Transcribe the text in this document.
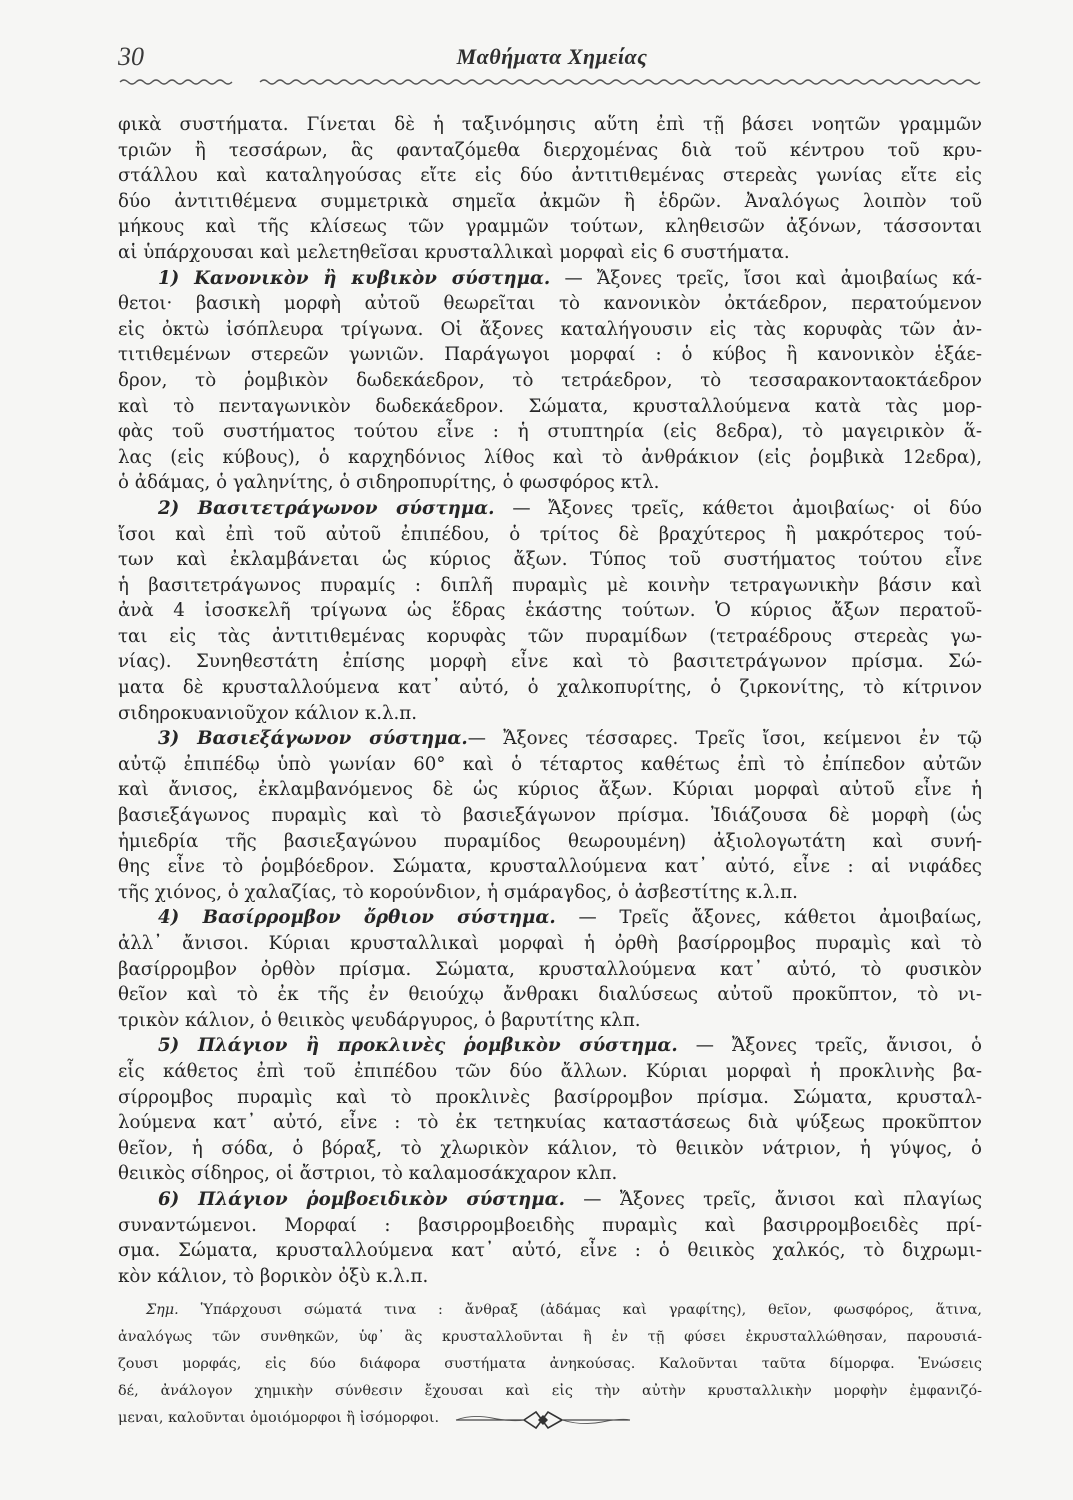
30	Μαθήματα Χημείας
φικὰ συστήματα. Γίνεται δὲ ἡ ταξινόμησις αὕτη ἐπὶ τῇ βάσει νοητῶν γραμμῶν
τριῶν ἢ τεσσάρων, ἃς φανταζόμεθα διερχομένας διὰ τοῦ κέντρου τοῦ κρυ-
στάλλου καὶ καταληγούσας εἴτε εἰς δύο ἀντιτιθεμένας στερεὰς γωνίας εἴτε εἰς
δύο ἀντιτιθέμενα συμμετρικὰ σημεῖα ἀκμῶν ἢ ἑδρῶν. Ἀναλόγως λοιπὸν τοῦ
μήκους καὶ τῆς κλίσεως τῶν γραμμῶν τούτων, κληθεισῶν ἀξόνων, τάσσονται
αἱ ὑπάρχουσαι καὶ μελετηθεῖσαι κρυσταλλικαὶ μορφαὶ εἰς 6 συστήματα.
1) Κανονικὸν ἢ κυβικὸν σύστημα. — Ἄξονες τρεῖς, ἴσοι καὶ ἀμοιβαίως κά-
θετοι· βασικὴ μορφὴ αὐτοῦ θεωρεῖται τὸ κανονικὸν ὀκτάεδρον, περατούμενον
εἰς ὀκτὼ ἰσόπλευρα τρίγωνα. Οἱ ἄξονες καταλήγουσιν εἰς τὰς κορυφὰς τῶν ἀν-
τιτιθεμένων στερεῶν γωνιῶν. Παράγωγοι μορφαί : ὁ κύβος ἢ κανονικὸν ἑξάε-
δρον, τὸ ῥομβικὸν δωδεκάεδρον, τὸ τετράεδρον, τὸ τεσσαρακονταοκτάεδρον
καὶ τὸ πενταγωνικὸν δωδεκάεδρον. Σώματα, κρυσταλλούμενα κατὰ τὰς μορ-
φὰς τοῦ συστήματος τούτου εἶνε : ἡ στυπτηρία (εἰς 8εδρα), τὸ μαγειρικὸν ἅ-
λας (εἰς κύβους), ὁ καρχηδόνιος λίθος καὶ τὸ ἀνθράκιον (εἰς ῥομβικὰ 12εδρα),
ὁ ἀδάμας, ὁ γαληνίτης, ὁ σιδηροπυρίτης, ὁ φωσφόρος κτλ.
2) Βασιτετράγωνον σύστημα. — Ἄξονες τρεῖς, κάθετοι ἀμοιβαίως· οἱ δύο
ἴσοι καὶ ἐπὶ τοῦ αὐτοῦ ἐπιπέδου, ὁ τρίτος δὲ βραχύτερος ἢ μακρότερος τού-
των καὶ ἐκλαμβάνεται ὡς κύριος ἄξων. Τύπος τοῦ συστήματος τούτου εἶνε
ἡ βασιτετράγωνος πυραμίς : διπλῆ πυραμὶς μὲ κοινὴν τετραγωνικὴν βάσιν καὶ
ἀνὰ 4 ἰσοσκελῆ τρίγωνα ὡς ἕδρας ἑκάστης τούτων. Ὁ κύριος ἄξων περατοῦ-
ται εἰς τὰς ἀντιτιθεμένας κορυφὰς τῶν πυραμίδων (τετραέδρους στερεὰς γω-
νίας). Συνηθεστάτη ἐπίσης μορφὴ εἶνε καὶ τὸ βασιτετράγωνον πρίσμα. Σώ-
ματα δὲ κρυσταλλούμενα κατ᾽ αὐτό, ὁ χαλκοπυρίτης, ὁ ζιρκονίτης, τὸ κίτρινον
σιδηροκυανιοῦχον κάλιον κ.λ.π.
3) Βασιεξάγωνον σύστημα.— Ἄξονες τέσσαρες. Τρεῖς ἴσοι, κείμενοι ἐν τῷ
αὐτῷ ἐπιπέδῳ ὑπὸ γωνίαν 60° καὶ ὁ τέταρτος καθέτως ἐπὶ τὸ ἐπίπεδον αὐτῶν
καὶ ἄνισος, ἐκλαμβανόμενος δὲ ὡς κύριος ἄξων. Κύριαι μορφαὶ αὐτοῦ εἶνε ἡ
βασιεξάγωνος πυραμὶς καὶ τὸ βασιεξάγωνον πρίσμα. Ἰδιάζουσα δὲ μορφὴ (ὡς
ἡμιεδρία τῆς βασιεξαγώνου πυραμίδος θεωρουμένη) ἀξιολογωτάτη καὶ συνή-
θης εἶνε τὸ ῥομβόεδρον. Σώματα, κρυσταλλούμενα κατ᾽ αὐτό, εἶνε : αἱ νιφάδες
τῆς χιόνος, ὁ χαλαζίας, τὸ κορούνδιον, ἡ σμάραγδος, ὁ ἀσβεστίτης κ.λ.π.
4) Βασίρρομβον ὄρθιον σύστημα. — Τρεῖς ἄξονες, κάθετοι ἀμοιβαίως,
ἀλλ᾽ ἄνισοι. Κύριαι κρυσταλλικαὶ μορφαὶ ἡ ὀρθὴ βασίρρομβος πυραμὶς καὶ τὸ
βασίρρομβον ὀρθὸν πρίσμα. Σώματα, κρυσταλλούμενα κατ᾽ αὐτό, τὸ φυσικὸν
θεῖον καὶ τὸ ἐκ τῆς ἐν θειούχῳ ἄνθρακι διαλύσεως αὐτοῦ προκῦπτον, τὸ νι-
τρικὸν κάλιον, ὁ θειικὸς ψευδάργυρος, ὁ βαρυτίτης κλπ.
5) Πλάγιον ἢ προκλινὲς ῥομβικὸν σύστημα. — Ἄξονες τρεῖς, ἄνισοι, ὁ
εἷς κάθετος ἐπὶ τοῦ ἐπιπέδου τῶν δύο ἄλλων. Κύριαι μορφαὶ ἡ προκλινὴς βα-
σίρρομβος πυραμὶς καὶ τὸ προκλινὲς βασίρρομβον πρίσμα. Σώματα, κρυσταλ-
λούμενα κατ᾽ αὐτό, εἶνε : τὸ ἐκ τετηκυίας καταστάσεως διὰ ψύξεως προκῦπτον
θεῖον, ἡ σόδα, ὁ βόραξ, τὸ χλωρικὸν κάλιον, τὸ θειικὸν νάτριον, ἡ γύψος, ὁ
θειικὸς σίδηρος, οἱ ἄστριοι, τὸ καλαμοσάκχαρον κλπ.
6) Πλάγιον ῥομβοειδικὸν σύστημα. — Ἄξονες τρεῖς, ἄνισοι καὶ πλαγίως
συναντώμενοι. Μορφαί : βασιρρομβοειδὴς πυραμὶς καὶ βασιρρομβοειδὲς πρί-
σμα. Σώματα, κρυσταλλούμενα κατ᾽ αὐτό, εἶνε : ὁ θειικὸς χαλκός, τὸ διχρωμι-
κὸν κάλιον, τὸ βορικὸν ὀξὺ κ.λ.π.
Σημ. Ὑπάρχουσι σώματά τινα : ἄνθραξ (ἀδάμας καὶ γραφίτης), θεῖον, φωσφόρος, ἅτινα,
ἀναλόγως τῶν συνθηκῶν, ὑφ᾽ ἃς κρυσταλλοῦνται ἢ ἐν τῇ φύσει ἐκρυσταλλώθησαν, παρουσιά-
ζουσι μορφάς, εἰς δύο διάφορα συστήματα ἀνηκούσας. Καλοῦνται ταῦτα δίμορφα. Ἑνώσεις
δέ, ἀνάλογον χημικὴν σύνθεσιν ἔχουσαι καὶ εἰς τὴν αὐτὴν κρυσταλλικὴν μορφὴν ἐμφανιζό-
μεναι, καλοῦνται ὁμοιόμορφοι ἢ ἰσόμορφοι.
